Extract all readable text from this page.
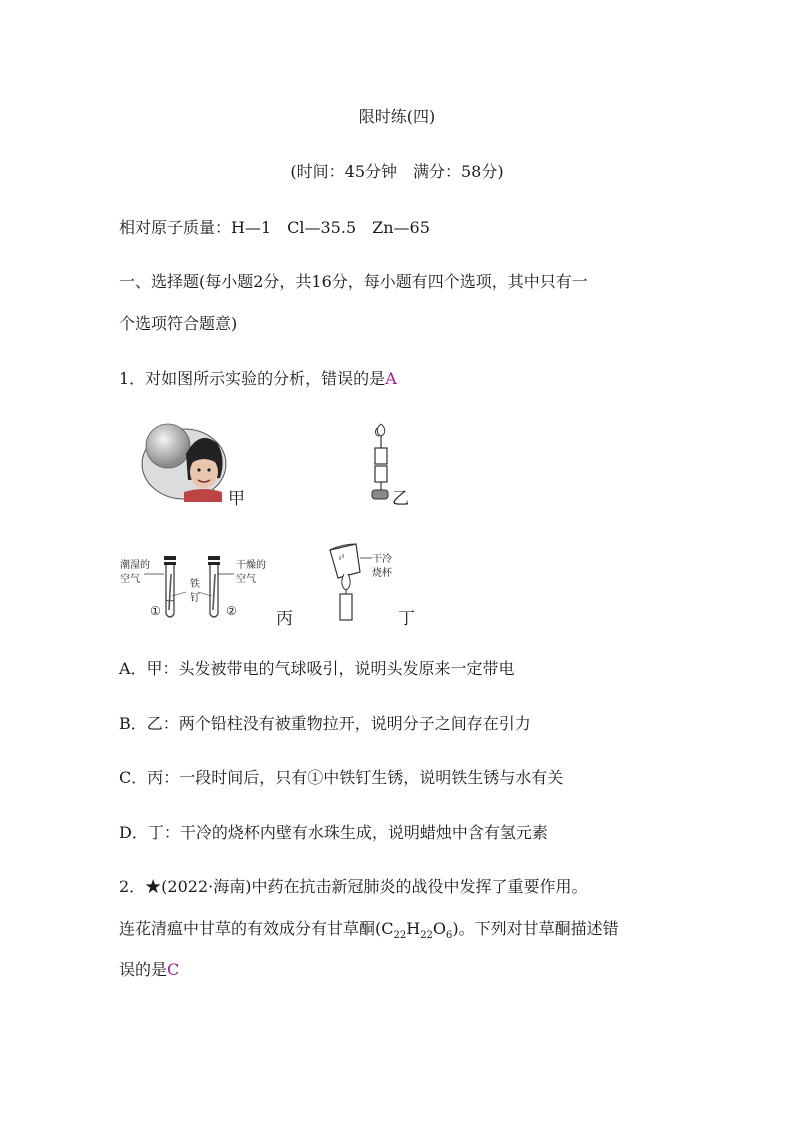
限时练(四)
(时间：45分钟　满分：58分)
相对原子质量：H—1　Cl—35.5　Zn—65
一、选择题(每小题2分，共16分，每小题有四个选项，其中只有一
个选项符合题意)
1．对如图所示实验的分析，错误的是A
甲	乙
潮湿的
空气
干燥的
空气
铁
钉
①	② 丙
干冷
烧杯
丁
A．甲：头发被带电的气球吸引，说明头发原来一定带电
B．乙：两个铅柱没有被重物拉开，说明分子之间存在引力
C．丙：一段时间后，只有①中铁钉生锈，说明铁生锈与水有关
D．丁：干冷的烧杯内壁有水珠生成，说明蜡烛中含有氢元素
2．★(2022·海南)中药在抗击新冠肺炎的战役中发挥了重要作用。
连花清瘟中甘草的有效成分有甘草酮$(C_{22}H_{22}O_6)$。下列对甘草酮描述错
误的是C
